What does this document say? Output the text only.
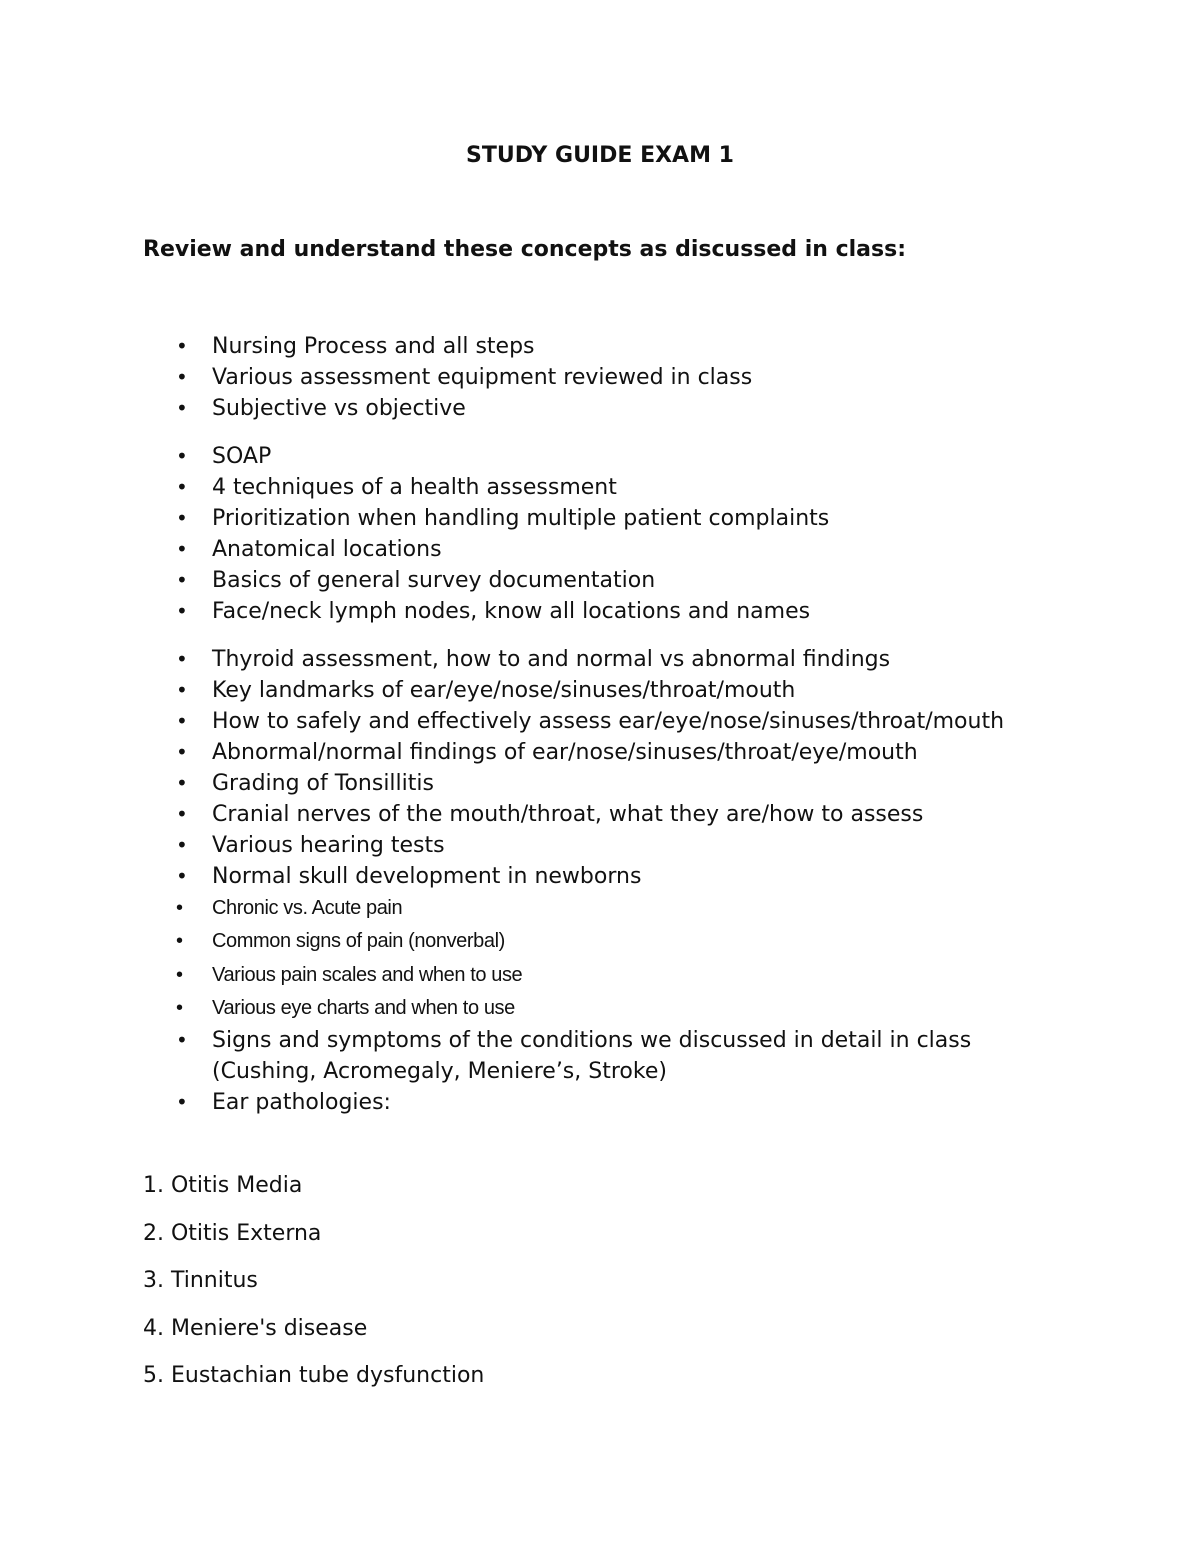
STUDY GUIDE EXAM 1

Review and understand these concepts as discussed in class:

• Nursing Process and all steps
• Various assessment equipment reviewed in class
• Subjective vs objective
• SOAP
• 4 techniques of a health assessment
• Prioritization when handling multiple patient complaints
• Anatomical locations
• Basics of general survey documentation
• Face/neck lymph nodes, know all locations and names
• Thyroid assessment, how to and normal vs abnormal findings
• Key landmarks of ear/eye/nose/sinuses/throat/mouth
• How to safely and effectively assess ear/eye/nose/sinuses/throat/mouth
• Abnormal/normal findings of ear/nose/sinuses/throat/eye/mouth
• Grading of Tonsillitis
• Cranial nerves of the mouth/throat, what they are/how to assess
• Various hearing tests
• Normal skull development in newborns
• Chronic vs. Acute pain
• Common signs of pain (nonverbal)
• Various pain scales and when to use
• Various eye charts and when to use
• Signs and symptoms of the conditions we discussed in detail in class (Cushing, Acromegaly, Meniere’s, Stroke)
• Ear pathologies:
1. Otitis Media
2. Otitis Externa
3. Tinnitus
4. Meniere's disease
5. Eustachian tube dysfunction
